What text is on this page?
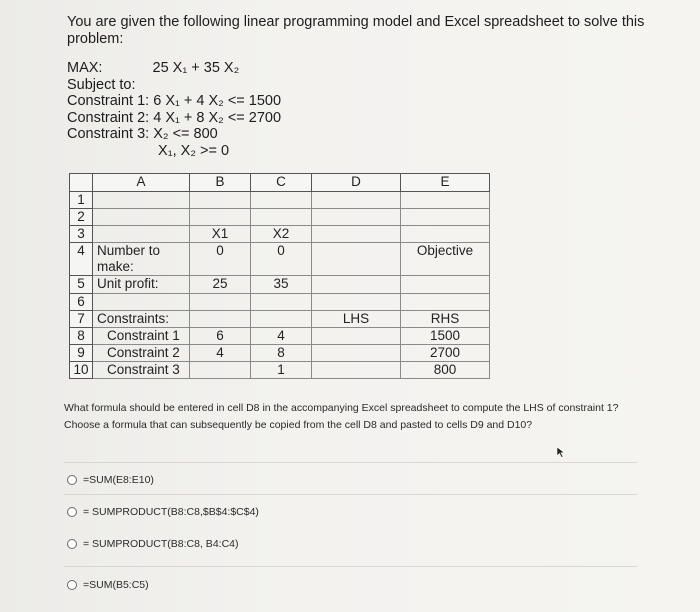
You are given the following linear programming model and Excel spreadsheet to solve this problem:
MAX:	25 X₁ + 35 X₂
Subject to:
Constraint 1: 6 X₁ + 4 X₂ <= 1500
Constraint 2: 4 X₁ + 8 X₂ <= 2700
Constraint 3: X₂ <= 800
X₁, X₂ >= 0
	A	B	C	D	E
1					
2					
3		X1	X2		
4	Number to make:	0	0		Objective
5	Unit profit:	25	35		
6					
7	Constraints:			LHS	RHS
8	Constraint 1	6	4		1500
9	Constraint 2	4	8		2700
10	Constraint 3		1		800
What formula should be entered in cell D8 in the accompanying Excel spreadsheet to compute the LHS of constraint 1? Choose a formula that can subsequently be copied from the cell D8 and pasted to cells D9 and D10?
=SUM(E8:E10)
= SUMPRODUCT(B8:C8,$B$4:$C$4)
= SUMPRODUCT(B8:C8, B4:C4)
=SUM(B5:C5)
